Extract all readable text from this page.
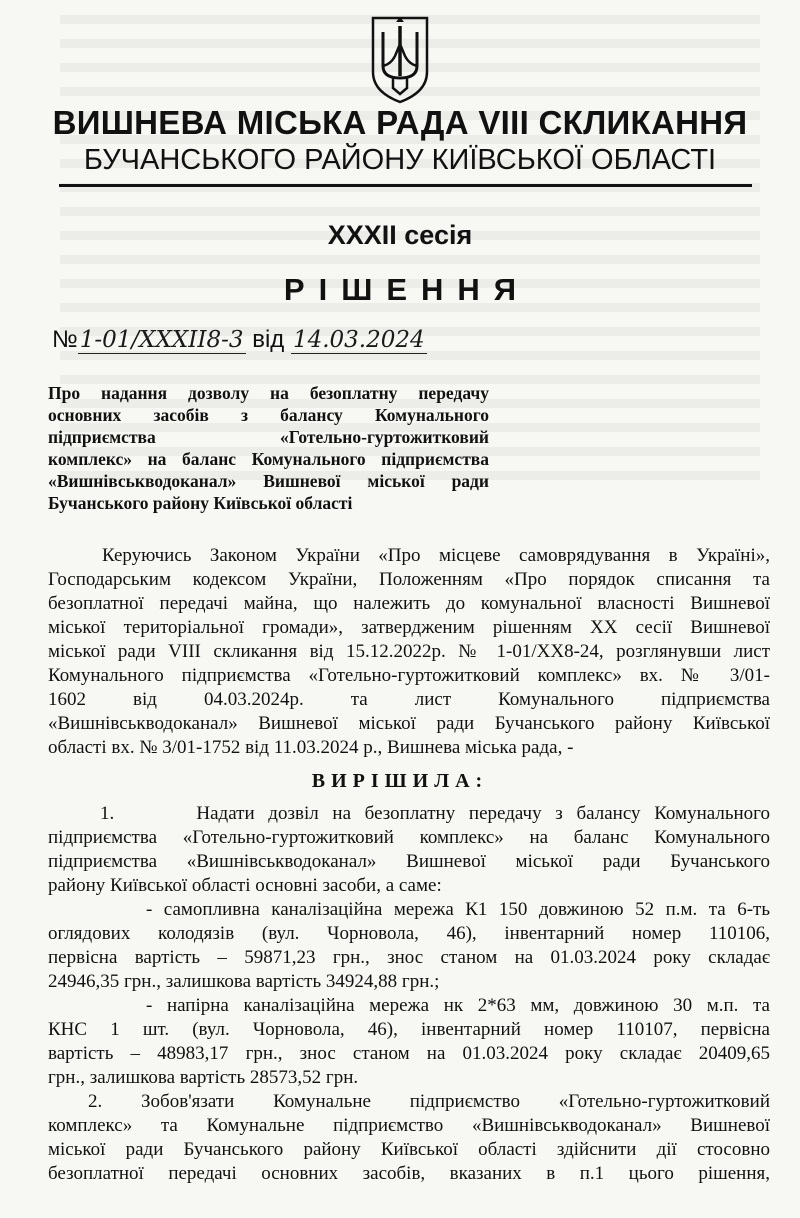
ВИШНЕВА МІСЬКА РАДА VIII СКЛИКАННЯ
БУЧАНСЬКОГО РАЙОНУ КИЇВСЬКОЇ ОБЛАСТІ
XXXII сесія
РІШЕННЯ
№1-01/XXXII8-3 від 14.03.2024
Про надання дозволу на безоплатну передачу
основних засобів з балансу Комунального
підприємства «Готельно-гуртожитковий
комплекс» на баланс Комунального підприємства
«Вишнівськводоканал» Вишневої міської ради
Бучанського району Київської області
Керуючись Законом України «Про місцеве самоврядування в Україні»,
Господарським кодексом України, Положенням «Про порядок списання та
безоплатної передачі майна, що належить до комунальної власності Вишневої
міської територіальної громади», затвердженим рішенням XX сесії Вишневої
міської ради VIII скликання від 15.12.2022р. № 1-01/XX8-24, розглянувши лист
Комунального підприємства «Готельно-гуртожитковий комплекс» вх. № 3/01-
1602 від 04.03.2024р. та лист Комунального підприємства
«Вишнівськводоканал» Вишневої міської ради Бучанського району Київської
області вх. № 3/01-1752 від 11.03.2024 р., Вишнева міська рада, -
ВИРІШИЛА:
1.      Надати дозвіл на безоплатну передачу з балансу Комунального
підприємства «Готельно-гуртожитковий комплекс» на баланс Комунального
підприємства «Вишнівськводоканал» Вишневої міської ради Бучанського
району Київської області основні засоби, а саме:
- самопливна каналізаційна мережа К1 150 довжиною 52 п.м. та 6-ть
оглядових колодязів (вул. Чорновола, 46), інвентарний номер 110106,
первісна вартість – 59871,23 грн., знос станом на 01.03.2024 року складає
24946,35 грн., залишкова вартість 34924,88 грн.;
- напірна каналізаційна мережа нк 2*63 мм, довжиною 30 м.п. та
КНС 1 шт. (вул. Чорновола, 46), інвентарний номер 110107, первісна
вартість – 48983,17 грн., знос станом на 01.03.2024 року складає 20409,65
грн., залишкова вартість 28573,52 грн.
2. Зобов'язати Комунальне підприємство «Готельно-гуртожитковий
комплекс» та Комунальне підприємство «Вишнівськводоканал» Вишневої
міської ради Бучанського району Київської області здійснити дії стосовно
безоплатної передачі основних засобів, вказаних в п.1 цього рішення,
